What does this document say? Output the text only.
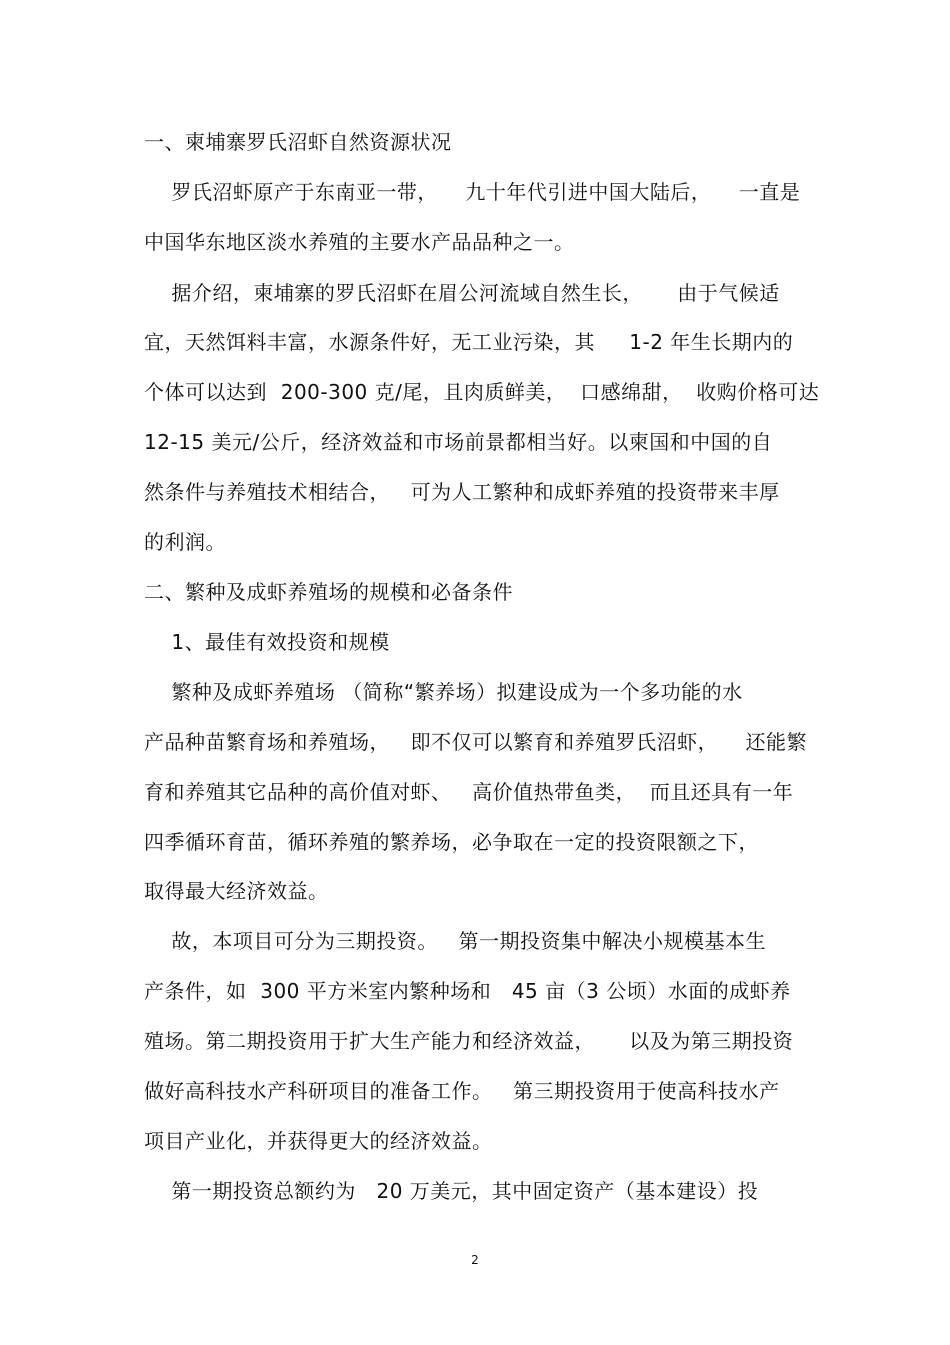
一、柬埔寨罗氏沼虾自然资源状况

罗氏沼虾原产于东南亚一带，    九十年代引进中国大陆后，    一直是

中国华东地区淡水养殖的主要水产品品种之一。

据介绍，柬埔寨的罗氏沼虾在眉公河流域自然生长，     由于气候适

宜，天然饵料丰富，水源条件好，无工业污染，其     1-2 年生长期内的

个体可以达到  200-300 克/尾，且肉质鲜美，  口感绵甜，  收购价格可达

12-15 美元/公斤，经济效益和市场前景都相当好。以柬国和中国的自

然条件与养殖技术相结合，   可为人工繁种和成虾养殖的投资带来丰厚

的利润。

二、繁种及成虾养殖场的规模和必备条件

1、最佳有效投资和规模

繁种及成虾养殖场 （简称“繁养场）拟建设成为一个多功能的水

产品种苗繁育场和养殖场，   即不仅可以繁育和养殖罗氏沼虾，    还能繁

育和养殖其它品种的高价值对虾、   高价值热带鱼类，  而且还具有一年

四季循环育苗，循环养殖的繁养场，必争取在一定的投资限额之下，

取得最大经济效益。

故，本项目可分为三期投资。   第一期投资集中解决小规模基本生

产条件，如  300 平方米室内繁种场和   45 亩（3 公顷）水面的成虾养

殖场。第二期投资用于扩大生产能力和经济效益，     以及为第三期投资

做好高科技水产科研项目的准备工作。   第三期投资用于使高科技水产

项目产业化，并获得更大的经济效益。

第一期投资总额约为   20 万美元，其中固定资产（基本建设）投

2
